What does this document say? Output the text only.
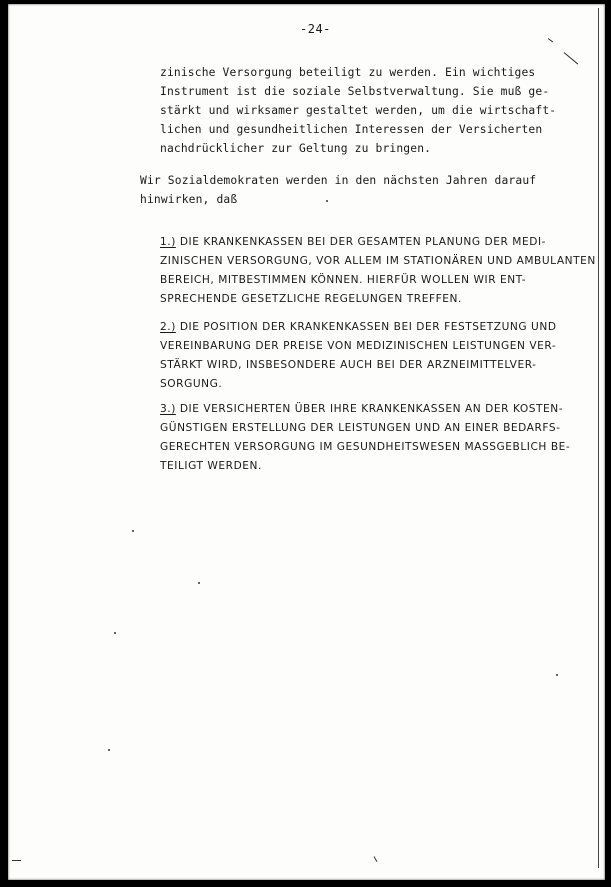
-24-
zinische Versorgung beteiligt zu werden. Ein wichtiges
Instrument ist die soziale Selbstverwaltung. Sie muß ge-
stärkt und wirksamer gestaltet werden, um die wirtschaft-
lichen und gesundheitlichen Interessen der Versicherten
nachdrücklicher zur Geltung zu bringen.
Wir Sozialdemokraten werden in den nächsten Jahren darauf
hinwirken, daß
1.) DIE KRANKENKASSEN BEI DER GESAMTEN PLANUNG DER MEDI-
ZINISCHEN VERSORGUNG, VOR ALLEM IM STATIONÄREN UND AMBULANTEN
BEREICH, MITBESTIMMEN KÖNNEN. HIERFÜR WOLLEN WIR ENT-
SPRECHENDE GESETZLICHE REGELUNGEN TREFFEN.
2.) DIE POSITION DER KRANKENKASSEN BEI DER FESTSETZUNG UND
VEREINBARUNG DER PREISE VON MEDIZINISCHEN LEISTUNGEN VER-
STÄRKT WIRD, INSBESONDERE AUCH BEI DER ARZNEIMITTELVER-
SORGUNG.
3.) DIE VERSICHERTEN ÜBER IHRE KRANKENKASSEN AN DER KOSTEN-
GÜNSTIGEN ERSTELLUNG DER LEISTUNGEN UND AN EINER BEDARFS-
GERECHTEN VERSORGUNG IM GESUNDHEITSWESEN MASSGEBLICH BE-
TEILIGT WERDEN.
